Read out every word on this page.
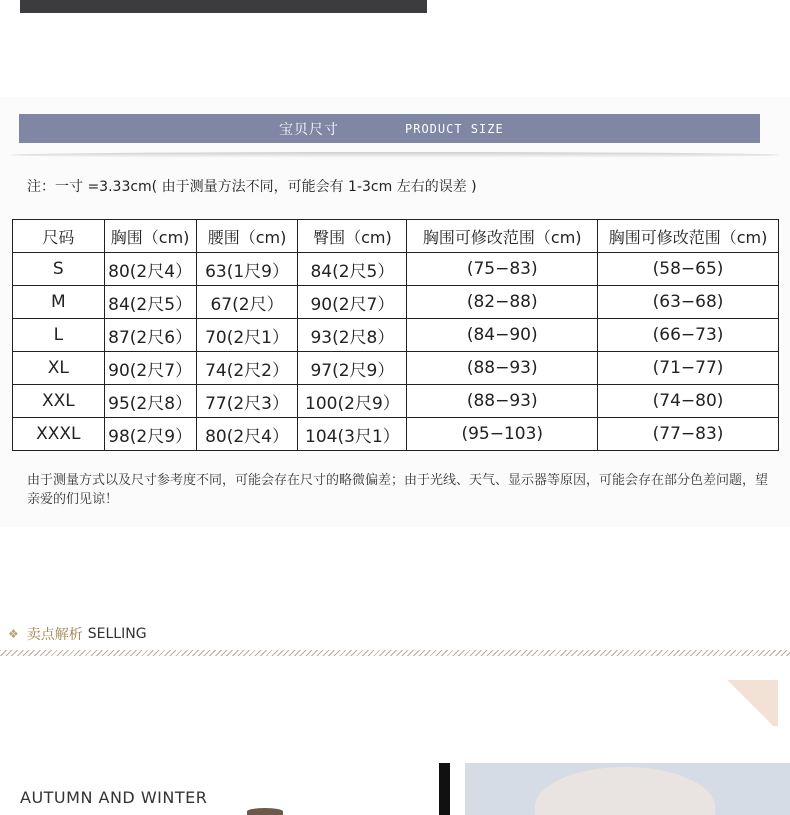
宝贝尺寸	PRODUCT SIZE
注：一寸 =3.33cm( 由于测量方法不同，可能会有 1-3cm 左右的误差 )
尺码	胸围（cm)	腰围（cm)	臀围（cm)	胸围可修改范围（cm)	胸围可修改范围（cm)
S	80(2尺4）	63(1尺9）	84(2尺5）	(75−83)	(58−65)
M	84(2尺5）	67(2尺）	90(2尺7）	(82−88)	(63−68)
L	87(2尺6）	70(2尺1）	93(2尺8）	(84−90)	(66−73)
XL	90(2尺7）	74(2尺2）	97(2尺9）	(88−93)	(71−77)
XXL	95(2尺8）	77(2尺3）	100(2尺9）	(88−93)	(74−80)
XXXL	98(2尺9）	80(2尺4）	104(3尺1）	(95−103)	(77−83)
由于测量方式以及尺寸参考度不同，可能会存在尺寸的略微偏差；由于光线、天气、显示器等原因，可能会存在部分色差问题，望亲爱的们见谅！
❖ 卖点解析 SELLING
AUTUMN AND WINTER
